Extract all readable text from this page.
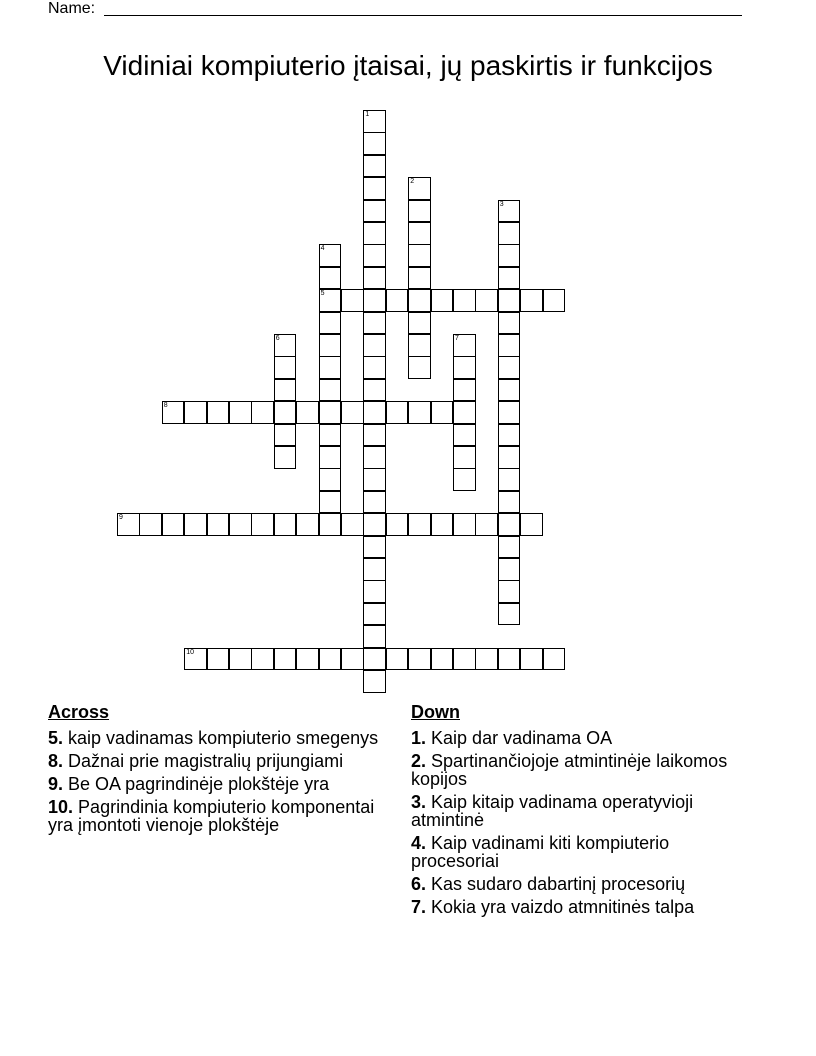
Name:
Vidiniai kompiuterio įtaisai, jų paskirtis ir funkcijos
1
2
3
4
5
6	7
8
9
10
Across
5. kaip vadinamas kompiuterio smegenys
8. Dažnai prie magistralių prijungiami
9. Be OA pagrindinėje plokštėje yra
10. Pagrindinia kompiuterio komponentai yra įmontoti vienoje plokštėje
Down
1. Kaip dar vadinama OA
2. Spartinančiojoje atmintinėje laikomos kopijos
3. Kaip kitaip vadinama operatyvioji atmintinė
4. Kaip vadinami kiti kompiuterio procesoriai
6. Kas sudaro dabartinį procesorių
7. Kokia yra vaizdo atmnitinės talpa
